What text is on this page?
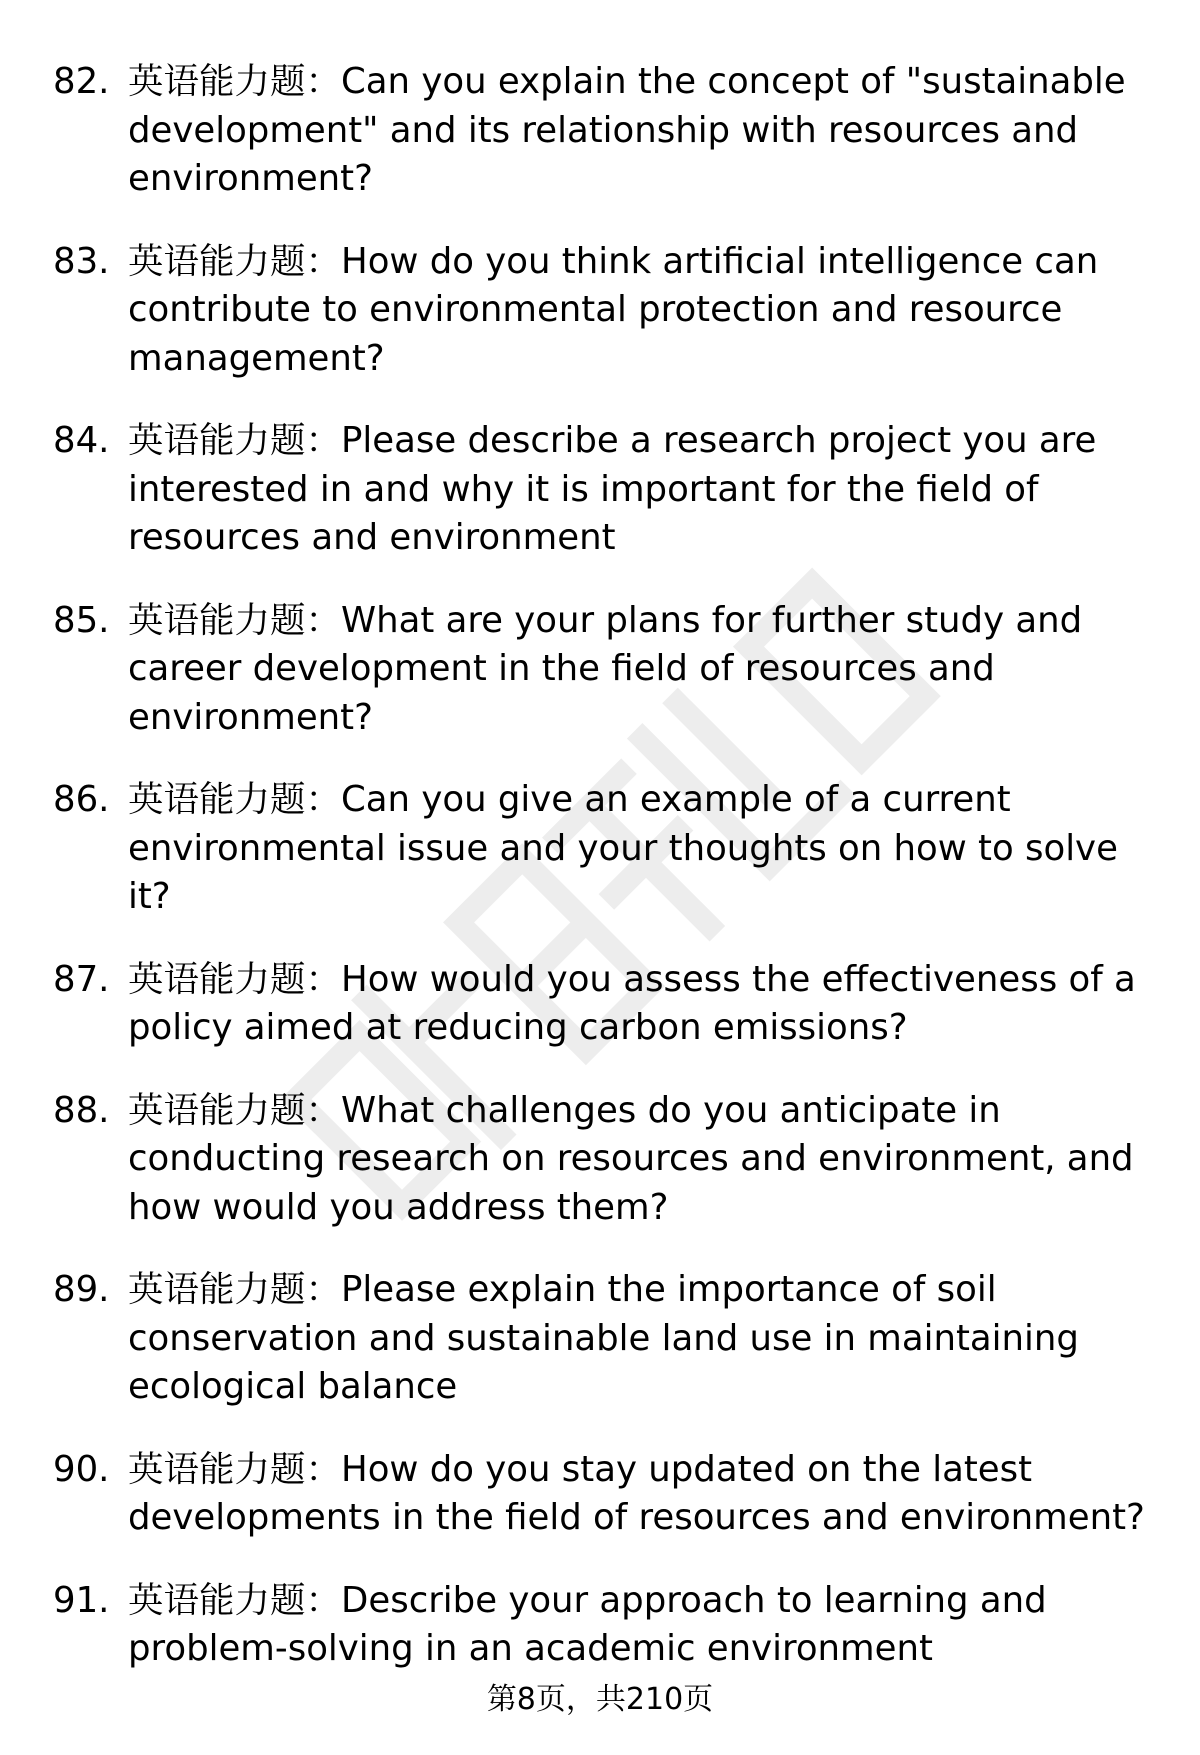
82. 英语能力题：Can you explain the concept of "sustainable development" and its relationship with resources and environment?
83. 英语能力题：How do you think artificial intelligence can contribute to environmental protection and resource management?
84. 英语能力题：Please describe a research project you are interested in and why it is important for the field of resources and environment
85. 英语能力题：What are your plans for further study and career development in the field of resources and environment?
86. 英语能力题：Can you give an example of a current environmental issue and your thoughts on how to solve it?
87. 英语能力题：How would you assess the effectiveness of a policy aimed at reducing carbon emissions?
88. 英语能力题：What challenges do you anticipate in conducting research on resources and environment, and how would you address them?
89. 英语能力题：Please explain the importance of soil conservation and sustainable land use in maintaining ecological balance
90. 英语能力题：How do you stay updated on the latest developments in the field of resources and environment?
91. 英语能力题：Describe your approach to learning and problem-solving in an academic environment
第8页，共210页
